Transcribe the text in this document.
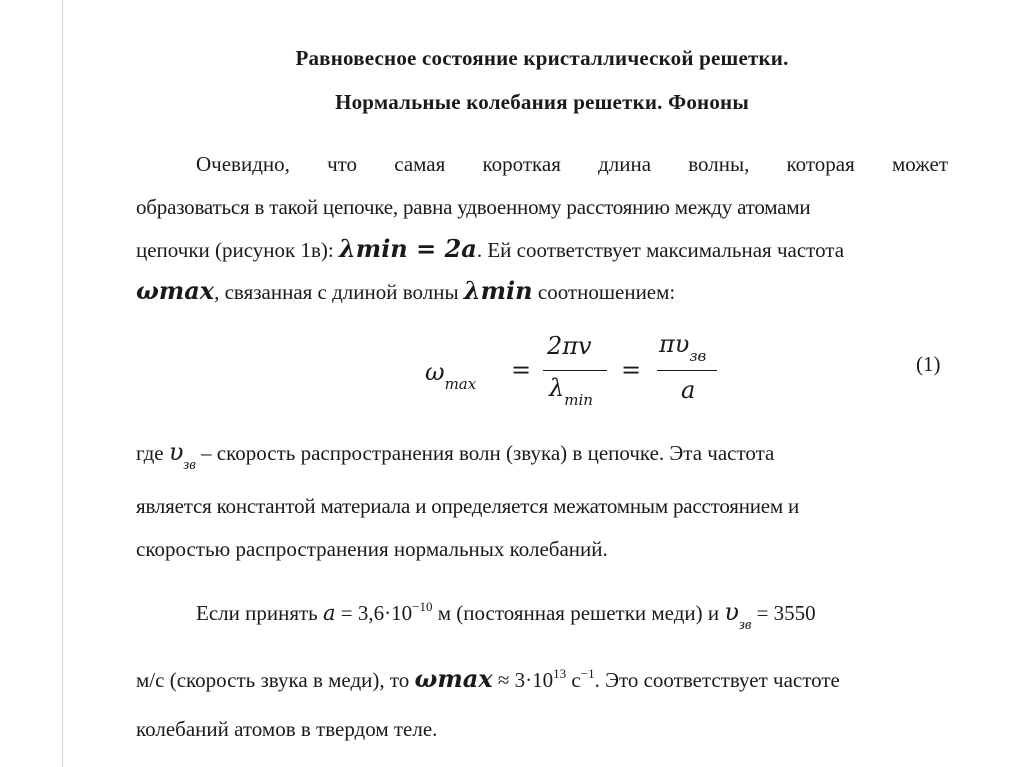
Равновесное состояние кристаллической решетки.
Нормальные колебания решетки. Фононы
Очевидно, что самая короткая длина волны, которая может
образоваться в такой цепочке, равна удвоенному расстоянию между атомами
цепочки (рисунок 1в): λmin = 2a. Ей соответствует максимальная частота
ωmax, связанная с длиной волны λmin соотношением:
$\omega_{max}$ =
2πv
$\lambda_{min}$
=
$\pi\upsilon_{зв}$
a
(1)
где $\upsilon_{зв}$ – скорость распространения волн (звука) в цепочке. Эта частота
является константой материала и определяется межатомным расстоянием и
скоростью распространения нормальных колебаний.
Если принять $a = 3,6\cdot 10^{-10}$ м (постоянная решетки меди) и $\upsilon_{зв} = 3550$
м/с (скорость звука в меди), то $\omega\max \approx 3\cdot 10^{13}$ $с^{-1}$. Это соответствует частоте
колебаний атомов в твердом теле.
